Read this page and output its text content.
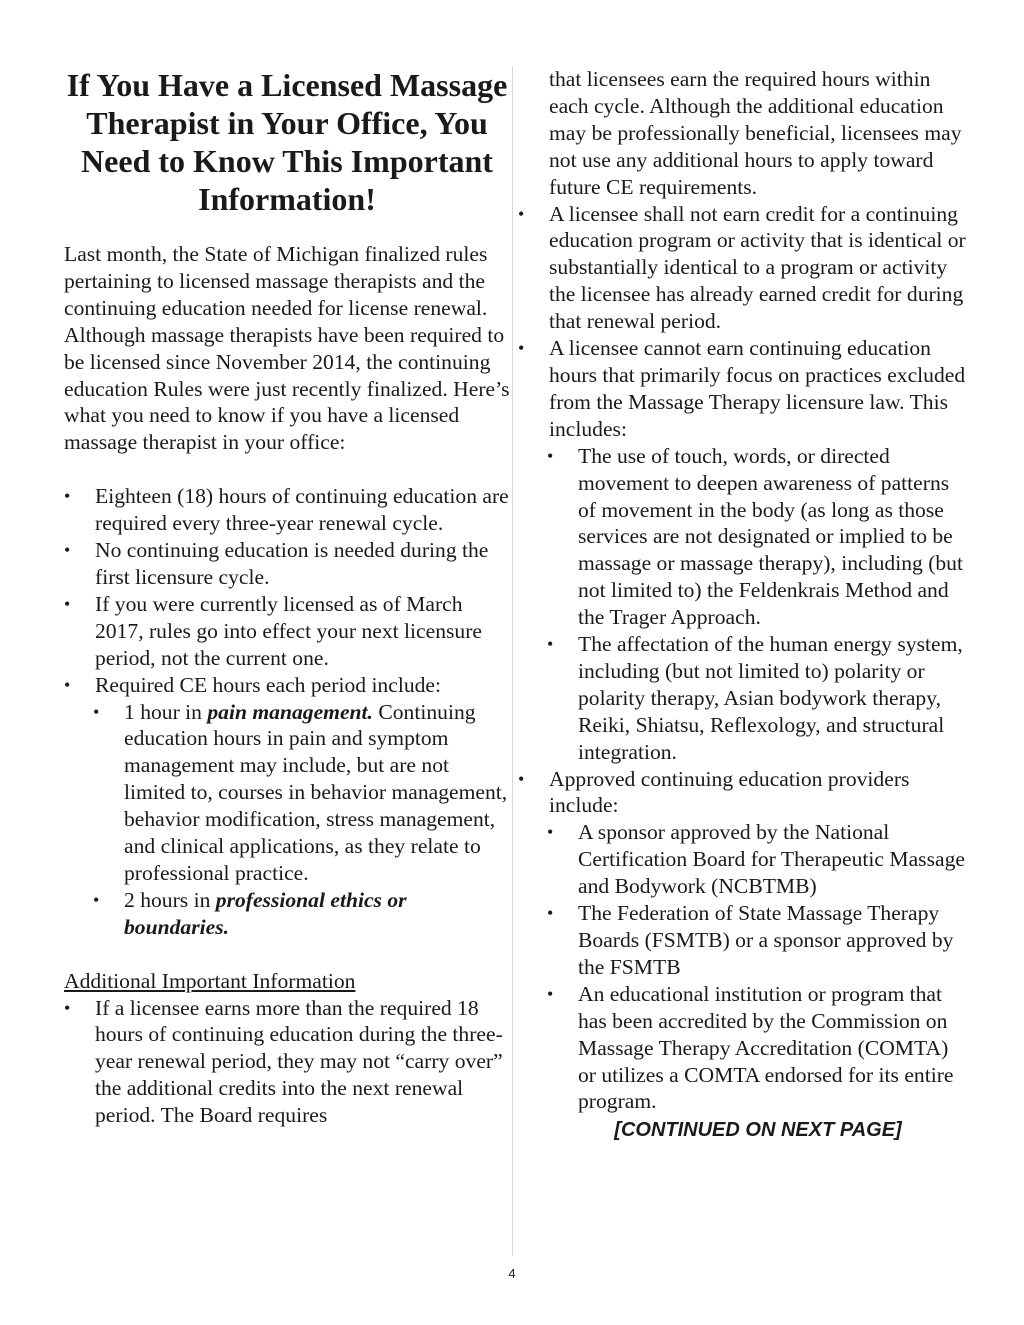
If You Have a Licensed Massage Therapist in Your Office, You Need to Know This Important Information!

Last month, the State of Michigan finalized rules pertaining to licensed massage therapists and the continuing education needed for license renewal. Although massage therapists have been required to be licensed since November 2014, the continuing education Rules were just recently finalized. Here’s what you need to know if you have a licensed massage therapist in your office:

•	Eighteen (18) hours of continuing education are required every three-year renewal cycle.
•	No continuing education is needed during the first licensure cycle.
•	If you were currently licensed as of March 2017, rules go into effect your next licensure period, not the current one.
•	Required CE hours each period include:
•	1 hour in pain management. Continuing education hours in pain and symptom management may include, but are not limited to, courses in behavior management, behavior modification, stress management, and clinical applications, as they relate to professional practice.
•	2 hours in professional ethics or boundaries.

Additional Important Information

•	If a licensee earns more than the required 18 hours of continuing education during the three-year renewal period, they may not “carry over” the additional credits into the next renewal period. The Board requires

that licensees earn the required hours within each cycle. Although the additional education may be professionally beneficial, licensees may not use any additional hours to apply toward future CE requirements.

•	A licensee shall not earn credit for a continuing education program or activity that is identical or substantially identical to a program or activity the licensee has already earned credit for during that renewal period.
•	A licensee cannot earn continuing education hours that primarily focus on practices excluded from the Massage Therapy licensure law. This includes:
•	The use of touch, words, or directed movement to deepen awareness of patterns of movement in the body (as long as those services are not designated or implied to be massage or massage therapy), including (but not limited to) the Feldenkrais Method and the Trager Approach.
•	The affectation of the human energy system, including (but not limited to) polarity or polarity therapy, Asian bodywork therapy, Reiki, Shiatsu, Reflexology, and structural integration.
•	Approved continuing education providers include:
•	A sponsor approved by the National Certification Board for Therapeutic Massage and Bodywork (NCBTMB)
•	The Federation of State Massage Therapy Boards (FSMTB) or a sponsor approved by the FSMTB
•	An educational institution or program that has been accredited by the Commission on Massage Therapy Accreditation (COMTA) or utilizes a COMTA endorsed for its entire program.

[CONTINUED ON NEXT PAGE]

4
